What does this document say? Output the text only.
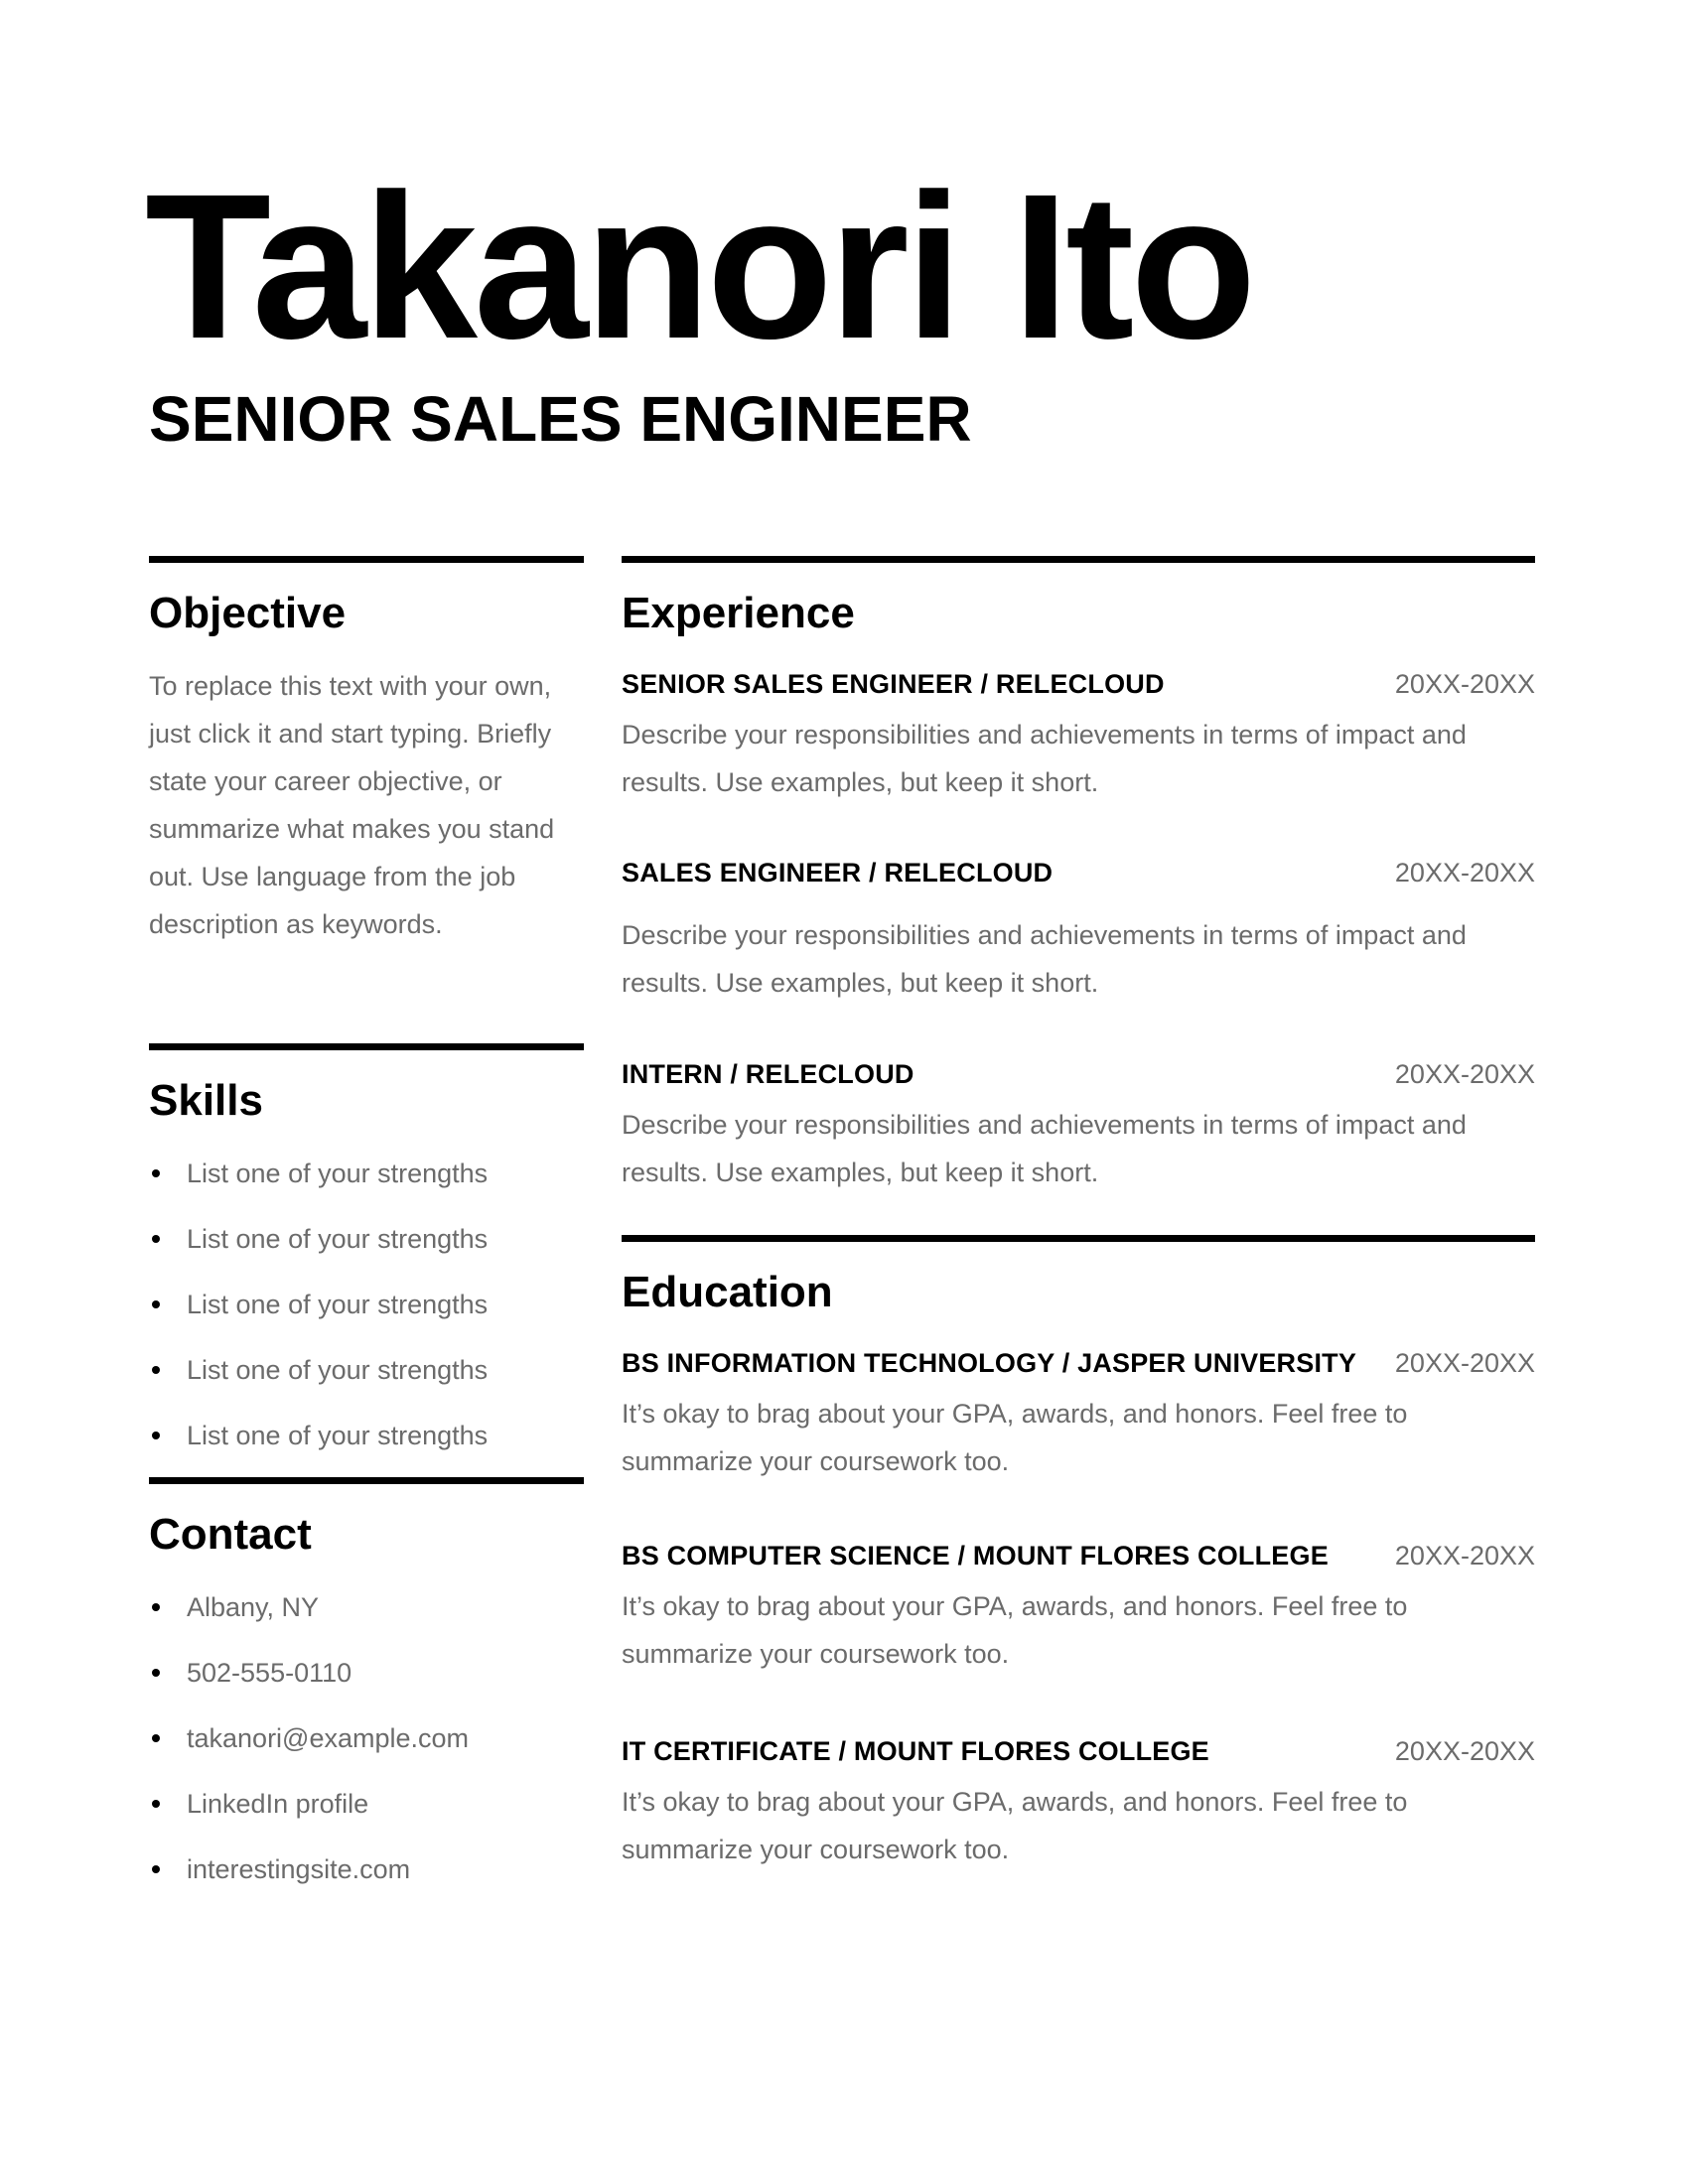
Takanori Ito
SENIOR SALES ENGINEER
Objective

To replace this text with your own, just click it and start typing. Briefly state your career objective, or summarize what makes you stand out. Use language from the job description as keywords.

Skills
List one of your strengths
List one of your strengths
List one of your strengths
List one of your strengths
List one of your strengths
Contact
Albany, NY
502-555-0110
takanori@example.com
LinkedIn profile
interestingsite.com
Experience
SENIOR SALES ENGINEER / RELECLOUD	20XX-20XX

Describe your responsibilities and achievements in terms of impact and results. Use examples, but keep it short.

SALES ENGINEER / RELECLOUD	20XX-20XX

Describe your responsibilities and achievements in terms of impact and results. Use examples, but keep it short.

INTERN / RELECLOUD	20XX-20XX

Describe your responsibilities and achievements in terms of impact and results. Use examples, but keep it short.

Education
BS INFORMATION TECHNOLOGY / JASPER UNIVERSITY 20XX-20XX

It’s okay to brag about your GPA, awards, and honors. Feel free to summarize your coursework too.

BS COMPUTER SCIENCE / MOUNT FLORES COLLEGE 20XX-20XX

It’s okay to brag about your GPA, awards, and honors. Feel free to summarize your coursework too.

IT CERTIFICATE / MOUNT FLORES COLLEGE	20XX-20XX

It’s okay to brag about your GPA, awards, and honors. Feel free to summarize your coursework too.
